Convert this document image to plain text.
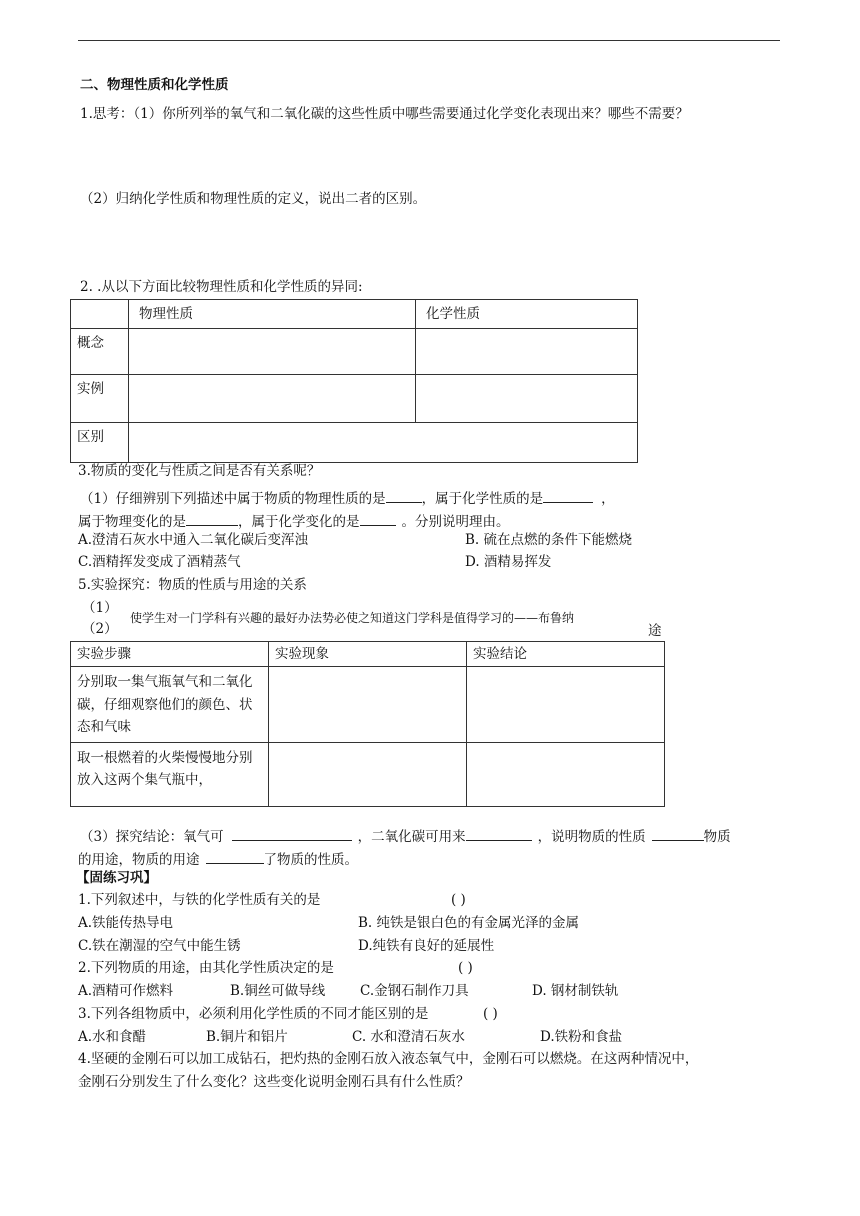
二、物理性质和化学性质
1.思考：（1）你所列举的氧气和二氧化碳的这些性质中哪些需要通过化学变化表现出来？哪些不需要？
（2）归纳化学性质和物理性质的定义，说出二者的区别。
2. .从以下方面比较物理性质和化学性质的异同:
	物理性质	化学性质
概念		
实例		
区别		
3.物质的变化与性质之间是否有关系呢？
（1）仔细辨别下列描述中属于物质的物理性质的是	，属于化学性质的是	，
属于物理变化的是	，属于化学变化的是	。分别说明理由。
A.澄清石灰水中通入二氧化碳后变浑浊	B. 硫在点燃的条件下能燃烧
C.酒精挥发变成了酒精蒸气	D. 酒精易挥发
5.实验探究：物质的性质与用途的关系
（1）
（2）
使学生对一门学科有兴趣的最好办法势必使之知道这门学科是值得学习的——布鲁纳
途
实验步骤	实验现象	实验结论
分别取一集气瓶氧气和二氧化碳，仔细观察他们的颜色、状态和气味		
取一根燃着的火柴慢慢地分别放入这两个集气瓶中，		
（3）探究结论：氧气可	，二氧化碳可用来	，说明物质的性质	物质
的用途，物质的用途	了物质的性质。
【固练习巩】
1.下列叙述中，与铁的化学性质有关的是	( )
A.铁能传热导电	B. 纯铁是银白色的有金属光泽的金属
C.铁在潮湿的空气中能生锈	D.纯铁有良好的延展性
2.下列物质的用途，由其化学性质决定的是	( )
A.酒精可作燃料	B.铜丝可做导线	C.金钢石制作刀具	D. 钢材制铁轨
3.下列各组物质中，必须利用化学性质的不同才能区别的是	( )
A.水和食醋	B.铜片和铝片	C. 水和澄清石灰水	D.铁粉和食盐
4.坚硬的金刚石可以加工成钻石，把灼热的金刚石放入液态氧气中，金刚石可以燃烧。在这两种情况中，
金刚石分别发生了什么变化？这些变化说明金刚石具有什么性质？
